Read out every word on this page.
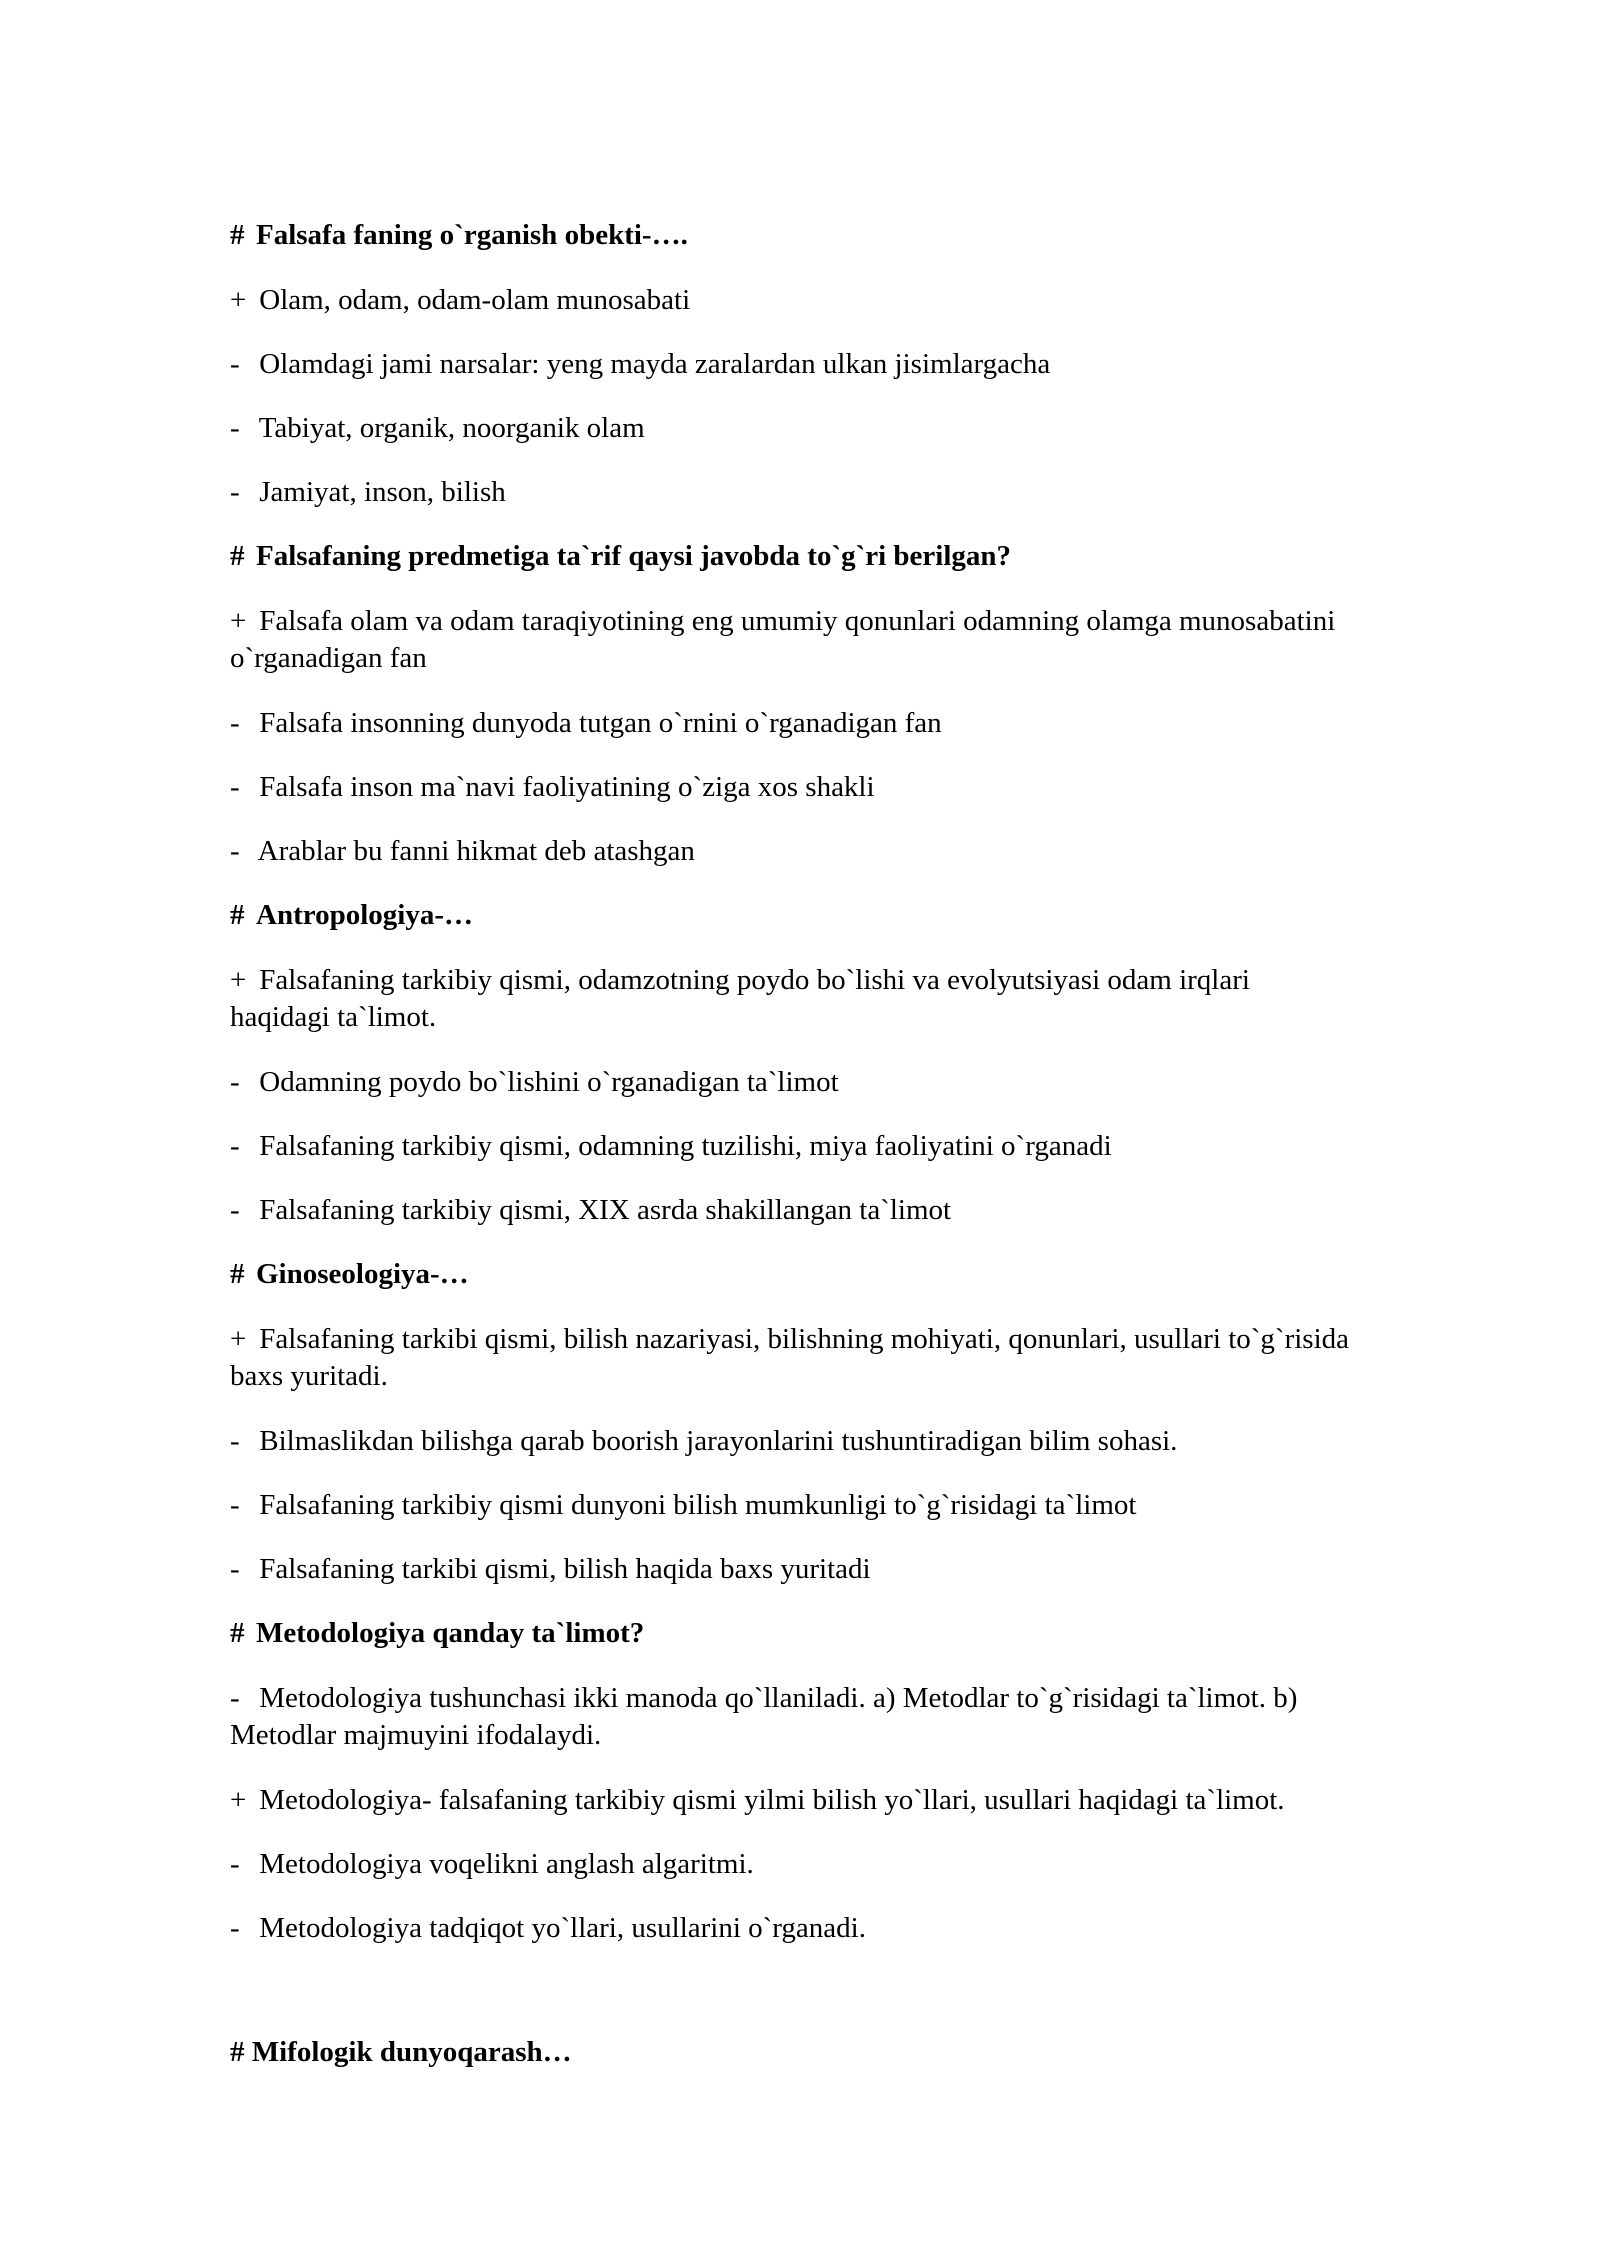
# Falsafa faning o`rganish obekti-….
+ Olam, odam, odam-olam munosabati
- Olamdagi jami narsalar: yeng mayda zaralardan ulkan jisimlargacha
- Tabiyat, organik, noorganik olam
- Jamiyat, inson, bilish
# Falsafaning predmetiga ta`rif qaysi javobda to`g`ri berilgan?
+ Falsafa olam va odam taraqiyotining eng umumiy qonunlari odamning olamga munosabatini
o`rganadigan fan
- Falsafa insonning dunyoda tutgan o`rnini o`rganadigan fan
- Falsafa inson ma`navi faoliyatining o`ziga xos shakli
- Arablar bu fanni hikmat deb atashgan
# Antropologiya-…
+ Falsafaning tarkibiy qismi, odamzotning poydo bo`lishi va evolyutsiyasi odam irqlari
haqidagi ta`limot.
- Odamning poydo bo`lishini o`rganadigan ta`limot
- Falsafaning tarkibiy qismi, odamning tuzilishi, miya faoliyatini o`rganadi
- Falsafaning tarkibiy qismi, XIX asrda shakillangan ta`limot
# Ginoseologiya-…
+ Falsafaning tarkibi qismi, bilish nazariyasi, bilishning mohiyati, qonunlari, usullari to`g`risida
baxs yuritadi.
- Bilmaslikdan bilishga qarab boorish jarayonlarini tushuntiradigan bilim sohasi.
- Falsafaning tarkibiy qismi dunyoni bilish mumkunligi to`g`risidagi ta`limot
- Falsafaning tarkibi qismi, bilish haqida baxs yuritadi
# Metodologiya qanday ta`limot?
- Metodologiya tushunchasi ikki manoda qo`llaniladi. a) Metodlar to`g`risidagi ta`limot. b)
Metodlar majmuyini ifodalaydi.
+ Metodologiya- falsafaning tarkibiy qismi yilmi bilish yo`llari, usullari haqidagi ta`limot.
- Metodologiya voqelikni anglash algaritmi.
- Metodologiya tadqiqot yo`llari, usullarini o`rganadi.
# Mifologik dunyoqarash…
